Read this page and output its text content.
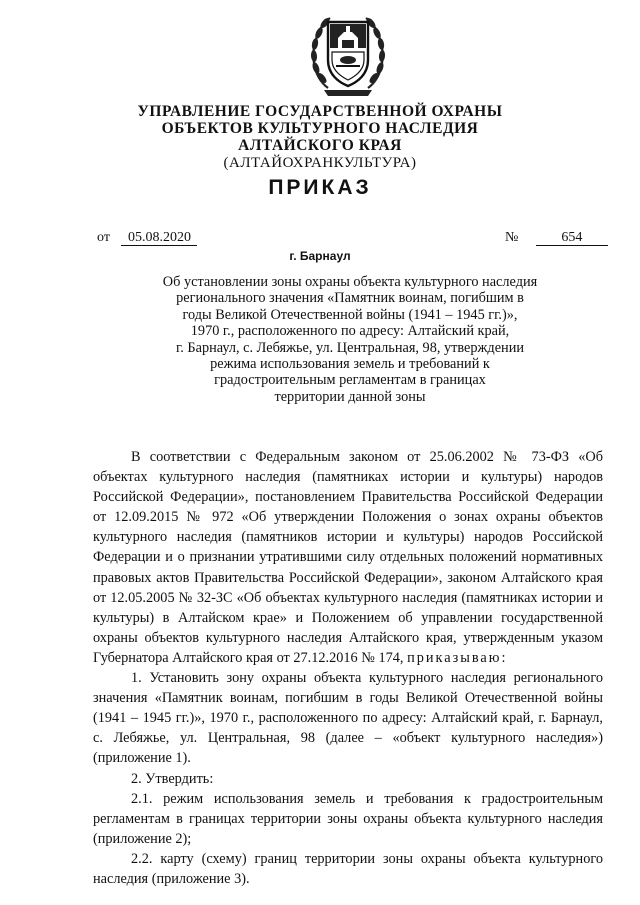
УПРАВЛЕНИЕ ГОСУДАРСТВЕННОЙ ОХРАНЫ

ОБЪЕКТОВ КУЛЬТУРНОГО НАСЛЕДИЯ

АЛТАЙСКОГО КРАЯ

(АЛТАЙОХРАНКУЛЬТУРА)

ПРИКАЗ
от 05.08.2020	№	654
г. Барнаул
Об установлении зоны охраны объекта культурного наследия
регионального значения «Памятник воинам, погибшим в
годы Великой Отечественной войны (1941 – 1945 гг.)»,
1970 г., расположенного по адресу: Алтайский край,
г. Барнаул, с. Лебяжье, ул. Центральная, 98, утверждении
режима использования земель и требований к
градостроительным регламентам в границах
территории данной зоны

В соответствии с Федеральным законом от 25.06.2002 № 73-ФЗ «Об объектах культурного наследия (памятниках истории и культуры) народов Российской Федерации», постановлением Правительства Российской Федерации от 12.09.2015 № 972 «Об утверждении Положения о зонах охраны объектов культурного наследия (памятников истории и культуры) народов Российской Федерации и о признании утратившими силу отдельных положений нормативных правовых актов Правительства Российской Федерации», законом Алтайского края от 12.05.2005 № 32-ЗС «Об объектах культурного наследия (памятниках истории и культуры) в Алтайском крае» и Положением об управлении государственной охраны объектов культурного наследия Алтайского края, утвержденным указом Губернатора Алтайского края от 27.12.2016 № 174, приказываю:

1. Установить зону охраны объекта культурного наследия регионального значения «Памятник воинам, погибшим в годы Великой Отечественной войны (1941 – 1945 гг.)», 1970 г., расположенного по адресу: Алтайский край, г. Барнаул, с. Лебяжье, ул. Центральная, 98 (далее – «объект культурного наследия») (приложение 1).

2. Утвердить:

2.1. режим использования земель и требования к градостроительным регламентам в границах территории зоны охраны объекта культурного наследия (приложение 2);

2.2. карту (схему) границ территории зоны охраны объекта культурного наследия (приложение 3).
